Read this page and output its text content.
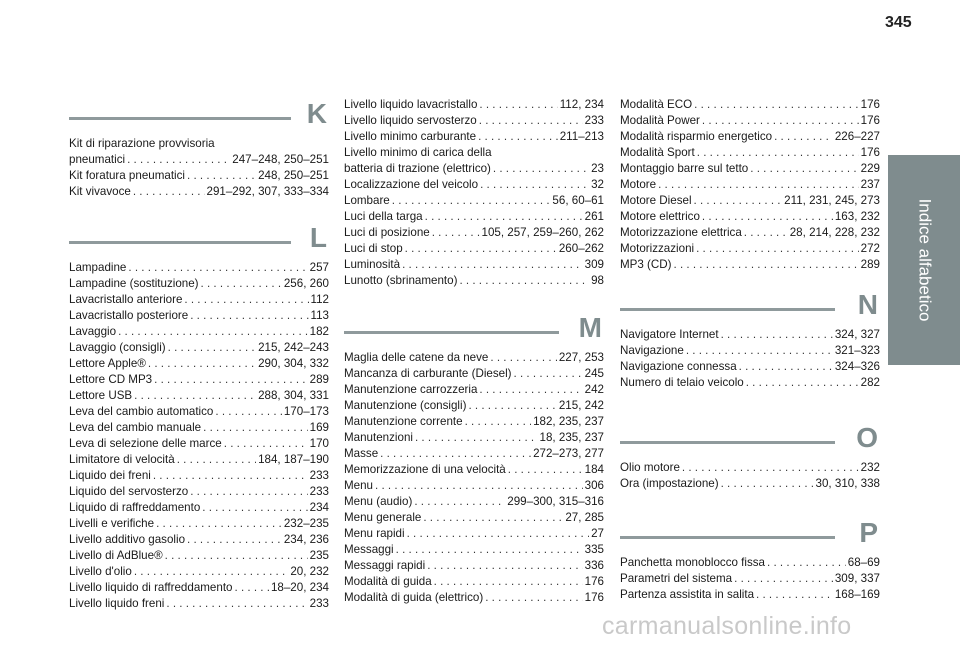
345
Indice alfabetico
K
Kit di riparazione provvisoria
pneumatici . . .	247–248, 250–251
Kit foratura pneumatici . . .	248, 250–251
Kit vivavoce . . .	291–292, 307, 333–334
L
Lampadine . . .	257
Lampadine (sostituzione) . . .	256, 260
Lavacristallo anteriore . . .	112
Lavacristallo posteriore . . .	113
Lavaggio . . .	182
Lavaggio (consigli) . . .	215, 242–243
Lettore Apple® . . .	290, 304, 332
Lettore CD MP3 . . .	289
Lettore USB . . .	288, 304, 331
Leva del cambio automatico . . .	170–173
Leva del cambio manuale . . .	169
Leva di selezione delle marce . . .	170
Limitatore di velocità . . .	184, 187–190
Liquido dei freni . . .	233
Liquido del servosterzo . . .	233
Liquido di raffreddamento . . .	234
Livelli e verifiche . . .	232–235
Livello additivo gasolio . . .	234, 236
Livello di AdBlue® . . .	235
Livello d'olio . . .	20, 232
Livello liquido di raffreddamento . . .	18–20, 234
Livello liquido freni . . .	233
Livello liquido lavacristallo . . .	112, 234
Livello liquido servosterzo . . .	233
Livello minimo carburante . . .	211–213
Livello minimo di carica della
batteria di trazione (elettrico) . . .	23
Localizzazione del veicolo . . .	32
Lombare . . .	56, 60–61
Luci della targa . . .	261
Luci di posizione . . .	105, 257, 259–260, 262
Luci di stop . . .	260–262
Luminosità . . .	309
Lunotto (sbrinamento) . . .	98
M
Maglia delle catene da neve . . .	227, 253
Mancanza di carburante (Diesel) . . .	245
Manutenzione carrozzeria . . .	242
Manutenzione (consigli) . . .	215, 242
Manutenzione corrente . . .	182, 235, 237
Manutenzioni . . .	18, 235, 237
Masse . . .	272–273, 277
Memorizzazione di una velocità . . .	184
Menu . . .	306
Menu (audio) . . .	299–300, 315–316
Menu generale . . .	27, 285
Menu rapidi . . .	27
Messaggi . . .	335
Messaggi rapidi . . .	336
Modalità di guida . . .	176
Modalità di guida (elettrico) . . .	176
Modalità ECO . . .	176
Modalità Power . . .	176
Modalità risparmio energetico . . .	226–227
Modalità Sport . . .	176
Montaggio barre sul tetto . . .	229
Motore . . .	237
Motore Diesel . . .	211, 231, 245, 273
Motore elettrico . . .	163, 232
Motorizzazione elettrica . . .	28, 214, 228, 232
Motorizzazioni . . .	272
MP3 (CD) . . .	289
N
Navigatore Internet . . .	324, 327
Navigazione . . .	321–323
Navigazione connessa . . .	324–326
Numero di telaio veicolo . . .	282
O
Olio motore . . .	232
Ora (impostazione) . . .	30, 310, 338
P
Panchetta monoblocco fissa . . .	68–69
Parametri del sistema . . .	309, 337
Partenza assistita in salita . . .	168–169
carmanualsonline.info
